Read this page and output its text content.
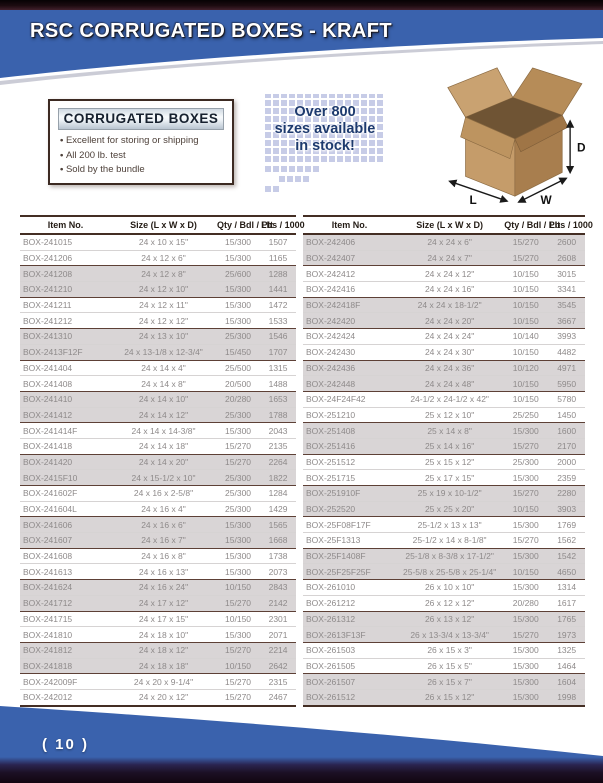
RSC CORRUGATED BOXES - KRAFT
CORRUGATED BOXES
• Excellent for storing or shipping
• All 200 lb. test
• Sold by the bundle
Over 800
sizes available
in stock!	D
L	W
Item No.	Size (L x W x D)	Qty / Bdl / Plt	Lbs / 1000
BOX-241015	24 x 10 x 15"	15/300	1507
BOX-241206	24 x 12 x 6"	15/300	1165
BOX-241208	24 x 12 x 8"	25/600	1288
BOX-241210	24 x 12 x 10"	15/300	1441
BOX-241211	24 x 12 x 11"	15/300	1472
BOX-241212	24 x 12 x 12"	15/300	1533
BOX-241310	24 x 13 x 10"	25/300	1546
BOX-2413F12F	24 x 13-1/8 x 12-3/4"	15/450	1707
BOX-241404	24 x 14 x 4"	25/500	1315
BOX-241408	24 x 14 x 8"	20/500	1488
BOX-241410	24 x 14 x 10"	20/280	1653
BOX-241412	24 x 14 x 12"	25/300	1788
BOX-241414F	24 x 14 x 14-3/8"	15/300	2043
BOX-241418	24 x 14 x 18"	15/270	2135
BOX-241420	24 x 14 x 20"	15/270	2264
BOX-2415F10	24 x 15-1/2 x 10"	25/300	1822
BOX-241602F	24 x 16 x 2-5/8"	25/300	1284
BOX-241604L	24 x 16 x 4"	25/300	1429
BOX-241606	24 x 16 x 6"	15/300	1565
BOX-241607	24 x 16 x 7"	15/300	1668
BOX-241608	24 x 16 x 8"	15/300	1738
BOX-241613	24 x 16 x 13"	15/300	2073
BOX-241624	24 x 16 x 24"	10/150	2843
BOX-241712	24 x 17 x 12"	15/270	2142
BOX-241715	24 x 17 x 15"	10/150	2301
BOX-241810	24 x 18 x 10"	15/300	2071
BOX-241812	24 x 18 x 12"	15/270	2214
BOX-241818	24 x 18 x 18"	10/150	2642
BOX-242009F	24 x 20 x 9-1/4"	15/270	2315
BOX-242012	24 x 20 x 12"	15/270	2467
Item No.	Size (L x W x D)	Qty / Bdl / Plt	Lbs / 1000
BOX-242406	24 x 24 x 6"	15/270	2600
BOX-242407	24 x 24 x 7"	15/270	2608
BOX-242412	24 x 24 x 12"	10/150	3015
BOX-242416	24 x 24 x 16"	10/150	3341
BOX-242418F	24 x 24 x 18-1/2"	10/150	3545
BOX-242420	24 x 24 x 20"	10/150	3667
BOX-242424	24 x 24 x 24"	10/140	3993
BOX-242430	24 x 24 x 30"	10/150	4482
BOX-242436	24 x 24 x 36"	10/120	4971
BOX-242448	24 x 24 x 48"	10/150	5950
BOX-24F24F42	24-1/2 x 24-1/2 x 42"	10/150	5780
BOX-251210	25 x 12 x 10"	25/250	1450
BOX-251408	25 x 14 x 8"	15/300	1600
BOX-251416	25 x 14 x 16"	15/270	2170
BOX-251512	25 x 15 x 12"	25/300	2000
BOX-251715	25 x 17 x 15"	15/300	2359
BOX-251910F	25 x 19 x 10-1/2"	15/270	2280
BOX-252520	25 x 25 x 20"	10/150	3903
BOX-25F08F17F	25-1/2 x 13 x 13"	15/300	1769
BOX-25F1313	25-1/2 x 14 x 8-1/8"	15/270	1562
BOX-25F1408F	25-1/8 x 8-3/8 x 17-1/2"	15/300	1542
BOX-25F25F25F	25-5/8 x 25-5/8 x 25-1/4"	10/150	4650
BOX-261010	26 x 10 x 10"	15/300	1314
BOX-261212	26 x 12 x 12"	20/280	1617
BOX-261312	26 x 13 x 12"	15/300	1765
BOX-2613F13F	26 x 13-3/4 x 13-3/4"	15/270	1973
BOX-261503	26 x 15 x 3"	15/300	1325
BOX-261505	26 x 15 x 5"	15/300	1464
BOX-261507	26 x 15 x 7"	15/300	1604
BOX-261512	26 x 15 x 12"	15/300	1998
( 10 )
